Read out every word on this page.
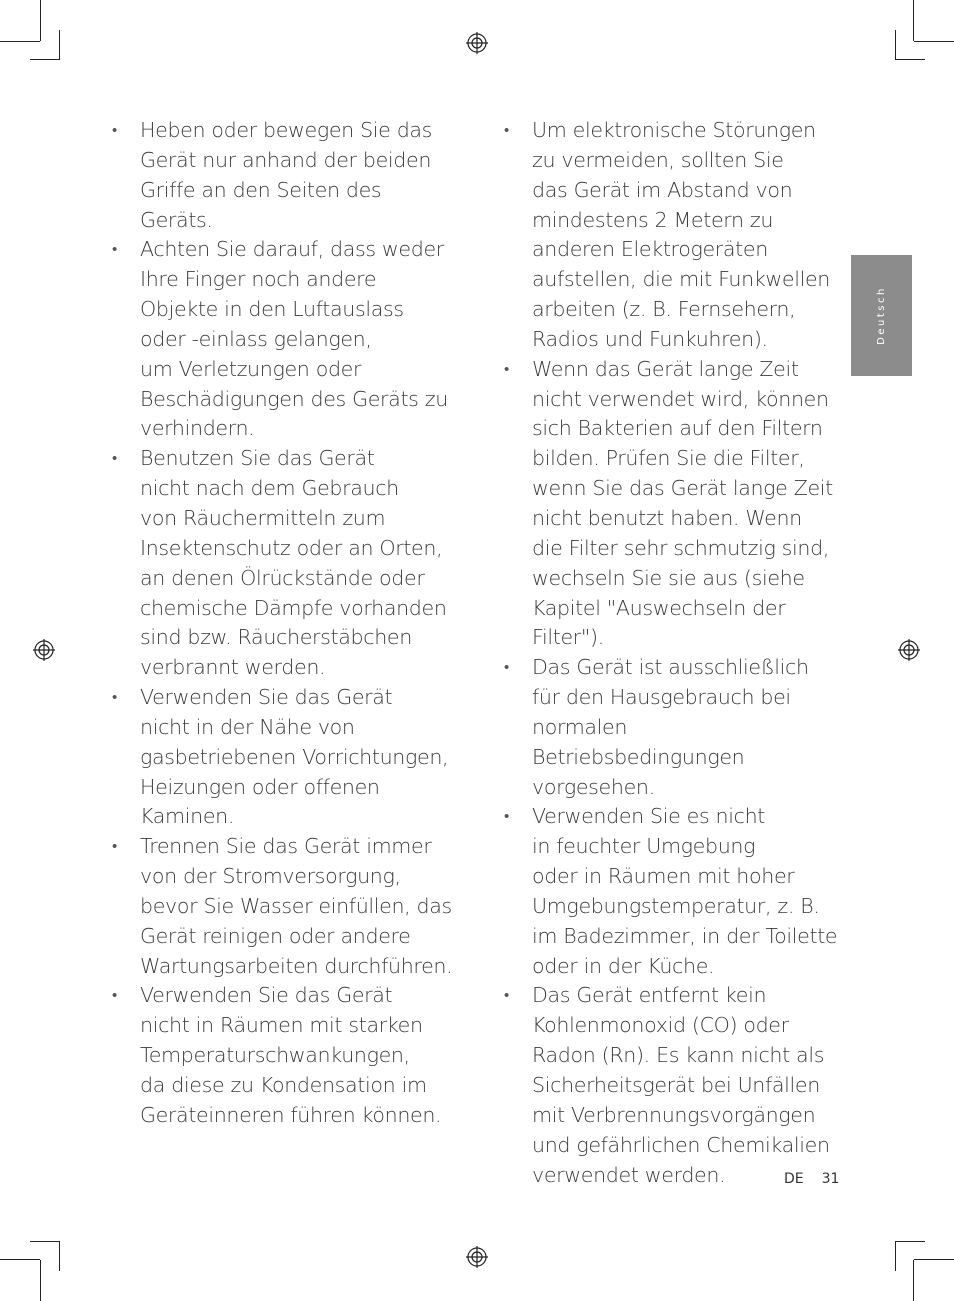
• Heben oder bewegen Sie das
Gerät nur anhand der beiden
Griffe an den Seiten des Geräts.
• Achten Sie darauf, dass weder
Ihre Finger noch andere
Objekte in den Luftauslass
oder -einlass gelangen,
um Verletzungen oder
Beschädigungen des Geräts zu
verhindern.
• Benutzen Sie das Gerät
nicht nach dem Gebrauch
von Räuchermitteln zum
Insektenschutz oder an Orten,
an denen Ölrückstände oder
chemische Dämpfe vorhanden
sind bzw. Räucherstäbchen
verbrannt werden.
• Verwenden Sie das Gerät
nicht in der Nähe von
gasbetriebenen Vorrichtungen,
Heizungen oder offenen
Kaminen.
• Trennen Sie das Gerät immer
von der Stromversorgung,
bevor Sie Wasser einfüllen, das
Gerät reinigen oder andere
Wartungsarbeiten durchführen.
• Verwenden Sie das Gerät
nicht in Räumen mit starken
Temperaturschwankungen,
da diese zu Kondensation im
Geräteinneren führen können.
• Um elektronische Störungen
zu vermeiden, sollten Sie
das Gerät im Abstand von
mindestens 2 Metern zu
anderen Elektrogeräten
aufstellen, die mit Funkwellen
arbeiten (z. B. Fernsehern,
Radios und Funkuhren).
• Wenn das Gerät lange Zeit
nicht verwendet wird, können
sich Bakterien auf den Filtern
bilden. Prüfen Sie die Filter,
wenn Sie das Gerät lange Zeit
nicht benutzt haben. Wenn
die Filter sehr schmutzig sind,
wechseln Sie sie aus (siehe
Kapitel "Auswechseln der
Filter").
• Das Gerät ist ausschließlich
für den Hausgebrauch bei
normalen Betriebsbedingungen
vorgesehen.
• Verwenden Sie es nicht
in feuchter Umgebung
oder in Räumen mit hoher
Umgebungstemperatur, z. B.
im Badezimmer, in der Toilette
oder in der Küche.
• Das Gerät entfernt kein
Kohlenmonoxid (CO) oder
Radon (Rn). Es kann nicht als
Sicherheitsgerät bei Unfällen
mit Verbrennungsvorgängen
und gefährlichen Chemikalien
verwendet werden.
Deutsch
DE 31
